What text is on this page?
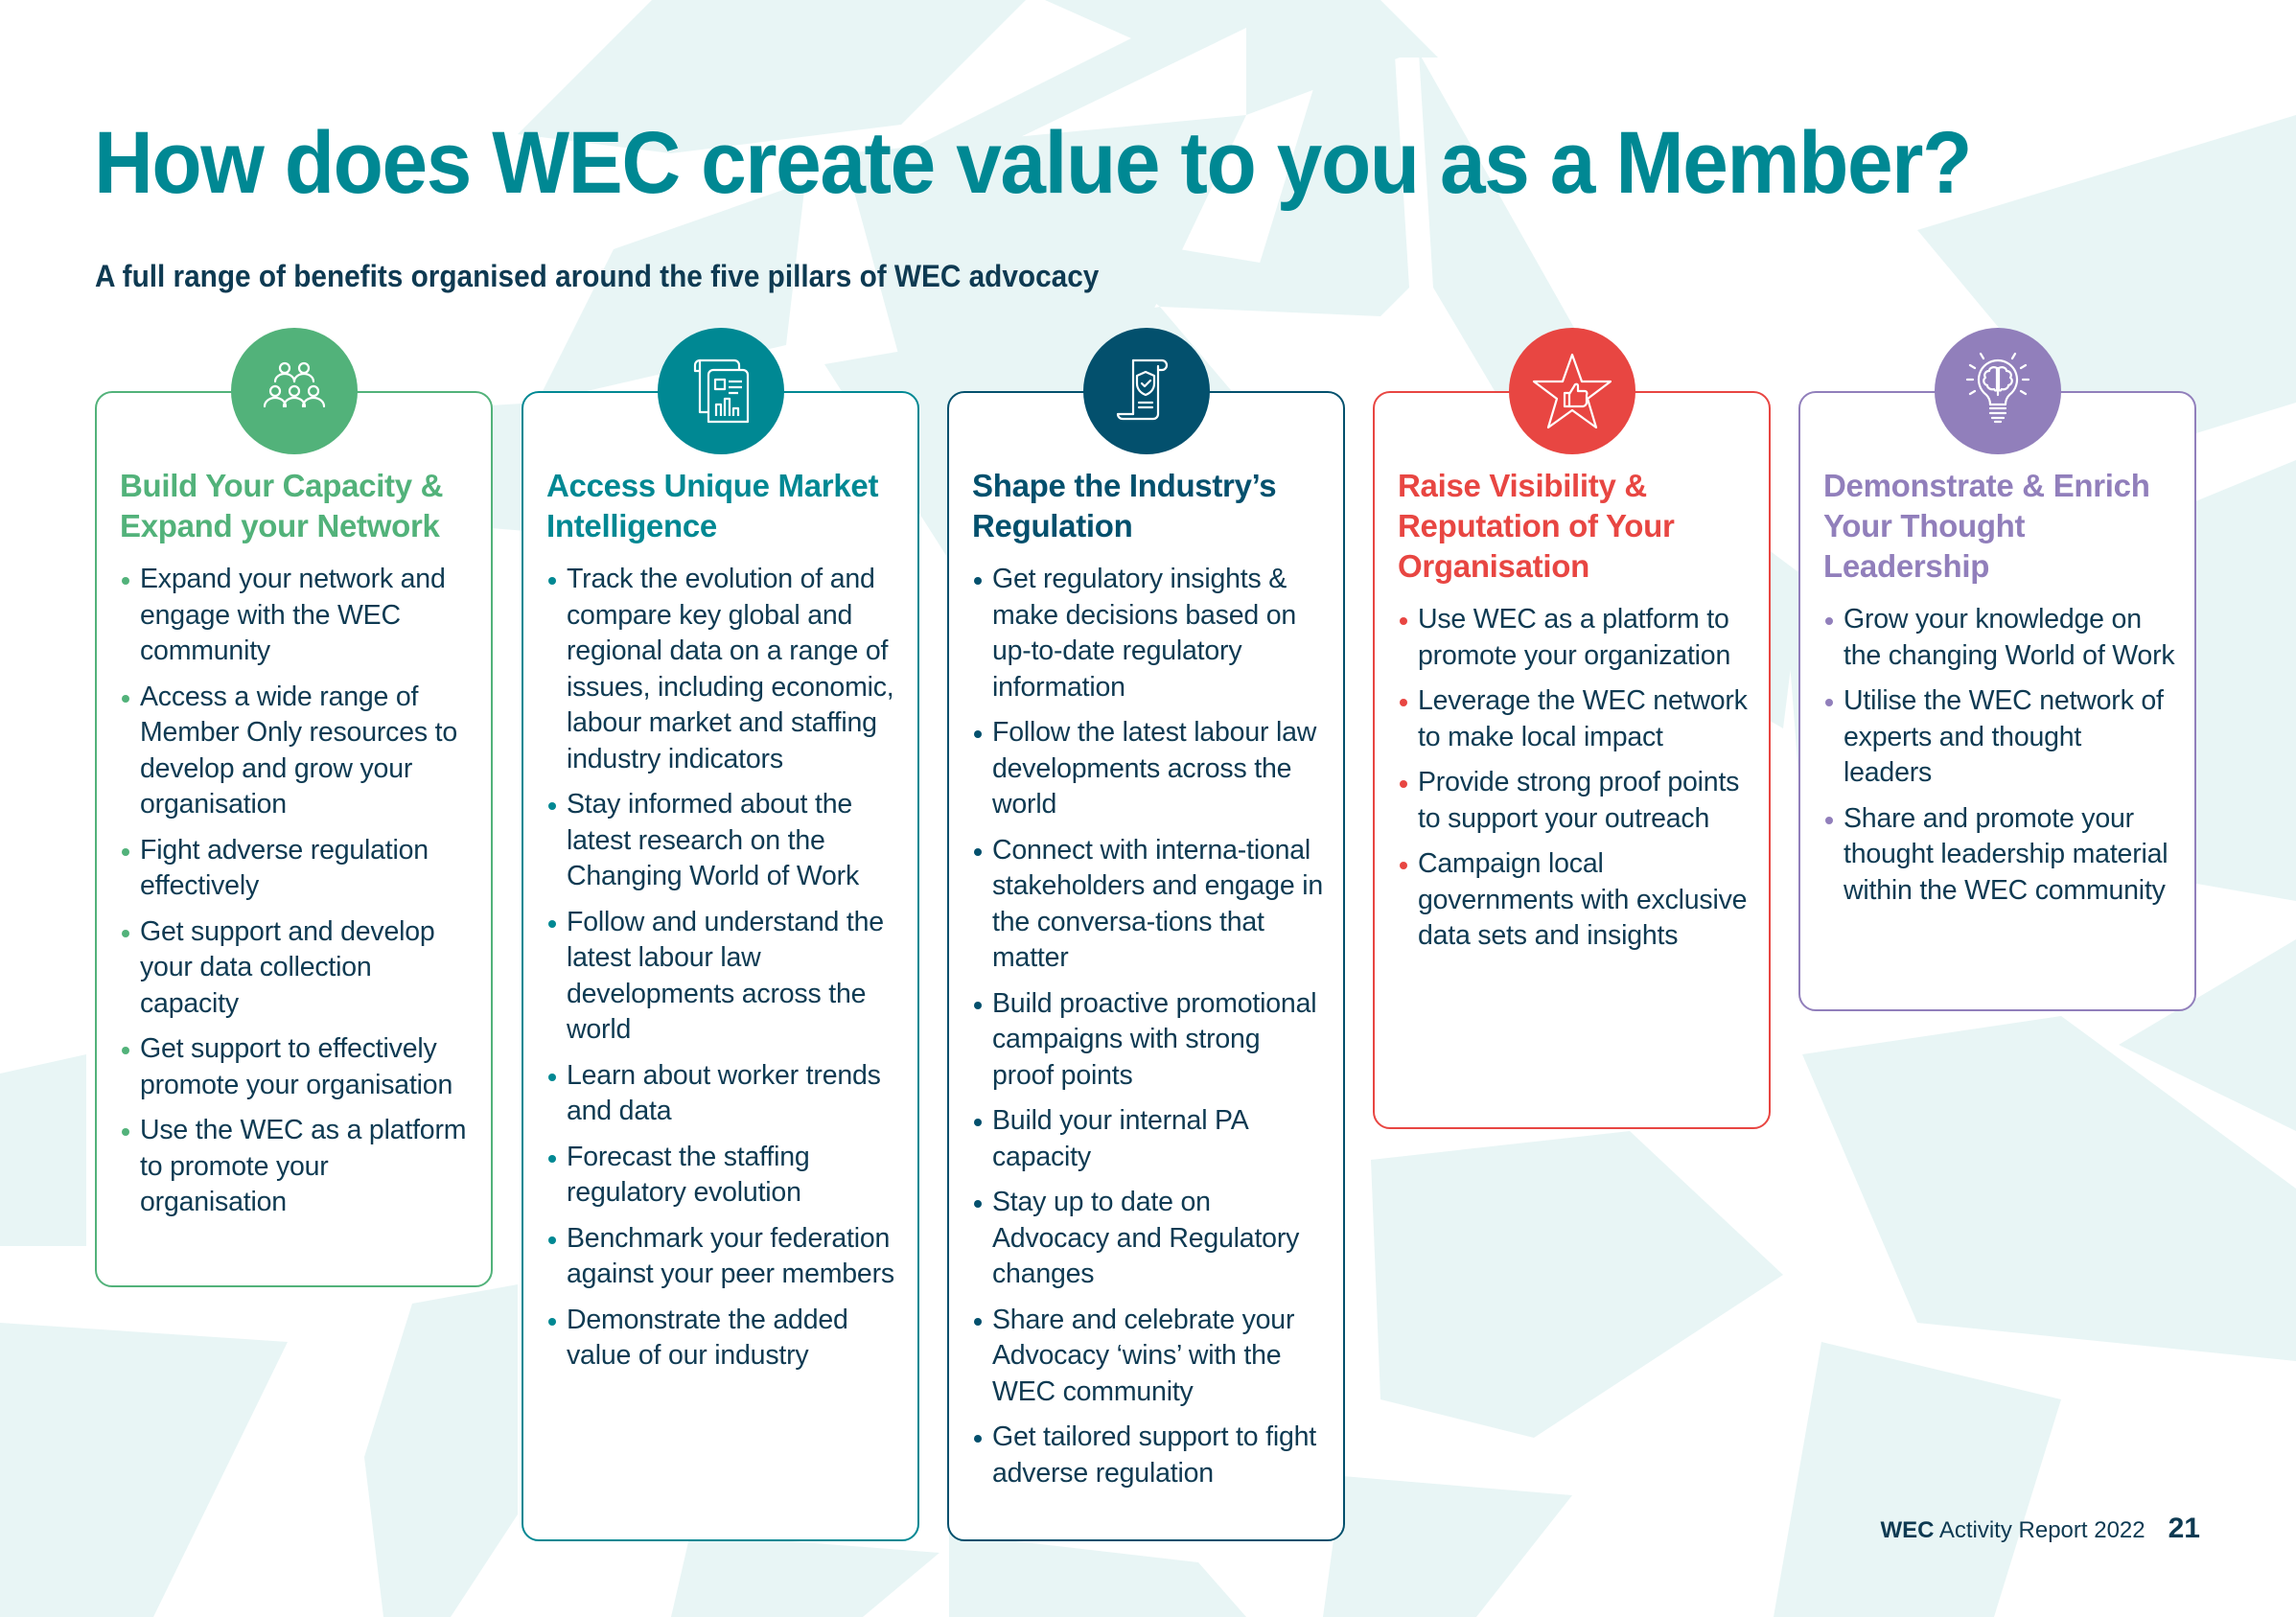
How does WEC create value to you as a Member?

A full range of benefits organised around the five pillars of WEC advocacy

Build Your Capacity & Expand your Network
Expand your network and engage with the WEC community
Access a wide range of Member Only resources to develop and grow your organisation
Fight adverse regulation effectively
Get support and develop your data collection capacity
Get support to effectively promote your organisation
Use the WEC as a platform to promote your organisation
Access Unique Market Intelligence
Track the evolution of and compare key global and regional data on a range of issues, including economic, labour market and staffing industry indicators
Stay informed about the latest research on the Changing World of Work
Follow and understand the latest labour law developments across the world
Learn about worker trends and data
Forecast the staffing regulatory evolution
Benchmark your federation against your peer members
Demonstrate the added value of our industry
Shape the Industry’s Regulation
Get regulatory insights & make decisions based on up-to-date regulatory information
Follow the latest labour law developments across the world
Connect with interna-tional stakeholders and engage in the conversa-tions that matter
Build proactive promotional campaigns with strong proof points
Build your internal PA capacity
Stay up to date on Advocacy and Regulatory changes
Share and celebrate your Advocacy ‘wins’ with the WEC community
Get tailored support to fight adverse regulation
Raise Visibility & Reputation of Your Organisation
Use WEC as a platform to promote your organization
Leverage the WEC network to make local impact
Provide strong proof points to support your outreach
Campaign local governments with exclusive data sets and insights
Demonstrate & Enrich Your Thought Leadership
Grow your knowledge on the changing World of Work
Utilise the WEC network of experts and thought leaders
Share and promote your thought leadership material within the WEC community
WEC Activity Report 2022 21
